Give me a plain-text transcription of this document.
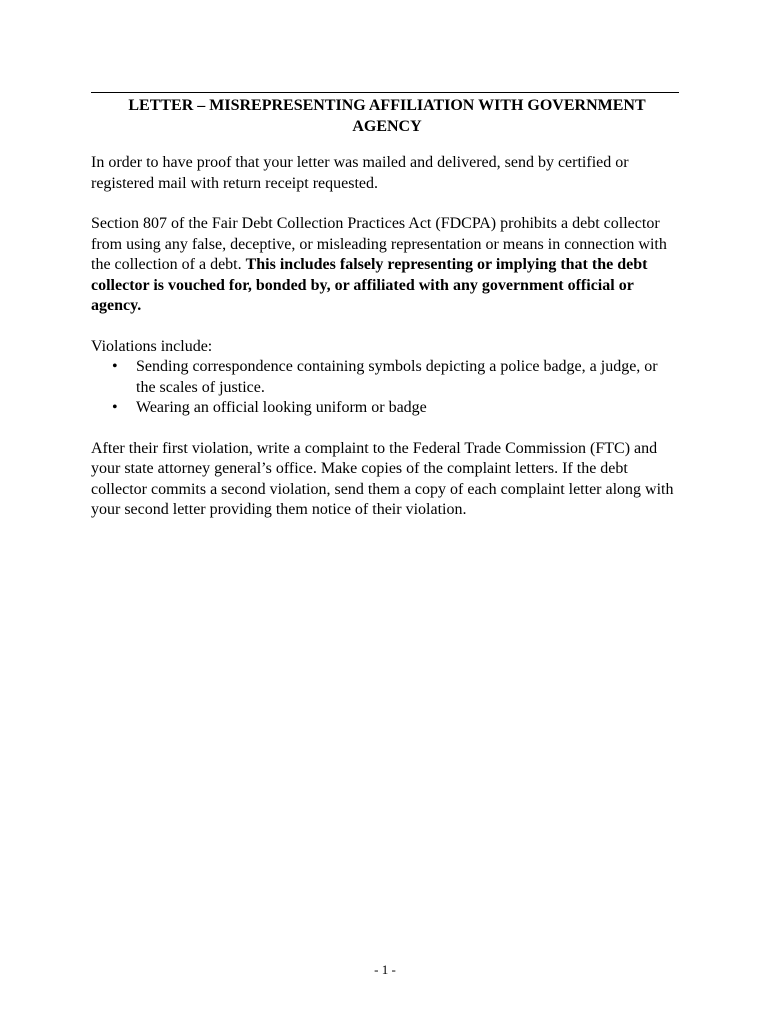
LETTER – MISREPRESENTING AFFILIATION WITH GOVERNMENT AGENCY

In order to have proof that your letter was mailed and delivered, send by certified or registered mail with return receipt requested.

Section 807 of the Fair Debt Collection Practices Act (FDCPA) prohibits a debt collector from using any false, deceptive, or misleading representation or means in connection with the collection of a debt. This includes falsely representing or implying that the debt collector is vouched for, bonded by, or affiliated with any government official or agency.

Violations include:

• Sending correspondence containing symbols depicting a police badge, a judge, or the scales of justice.
• Wearing an official looking uniform or badge

After their first violation, write a complaint to the Federal Trade Commission (FTC) and your state attorney general’s office. Make copies of the complaint letters. If the debt collector commits a second violation, send them a copy of each complaint letter along with your second letter providing them notice of their violation.

- 1 -
